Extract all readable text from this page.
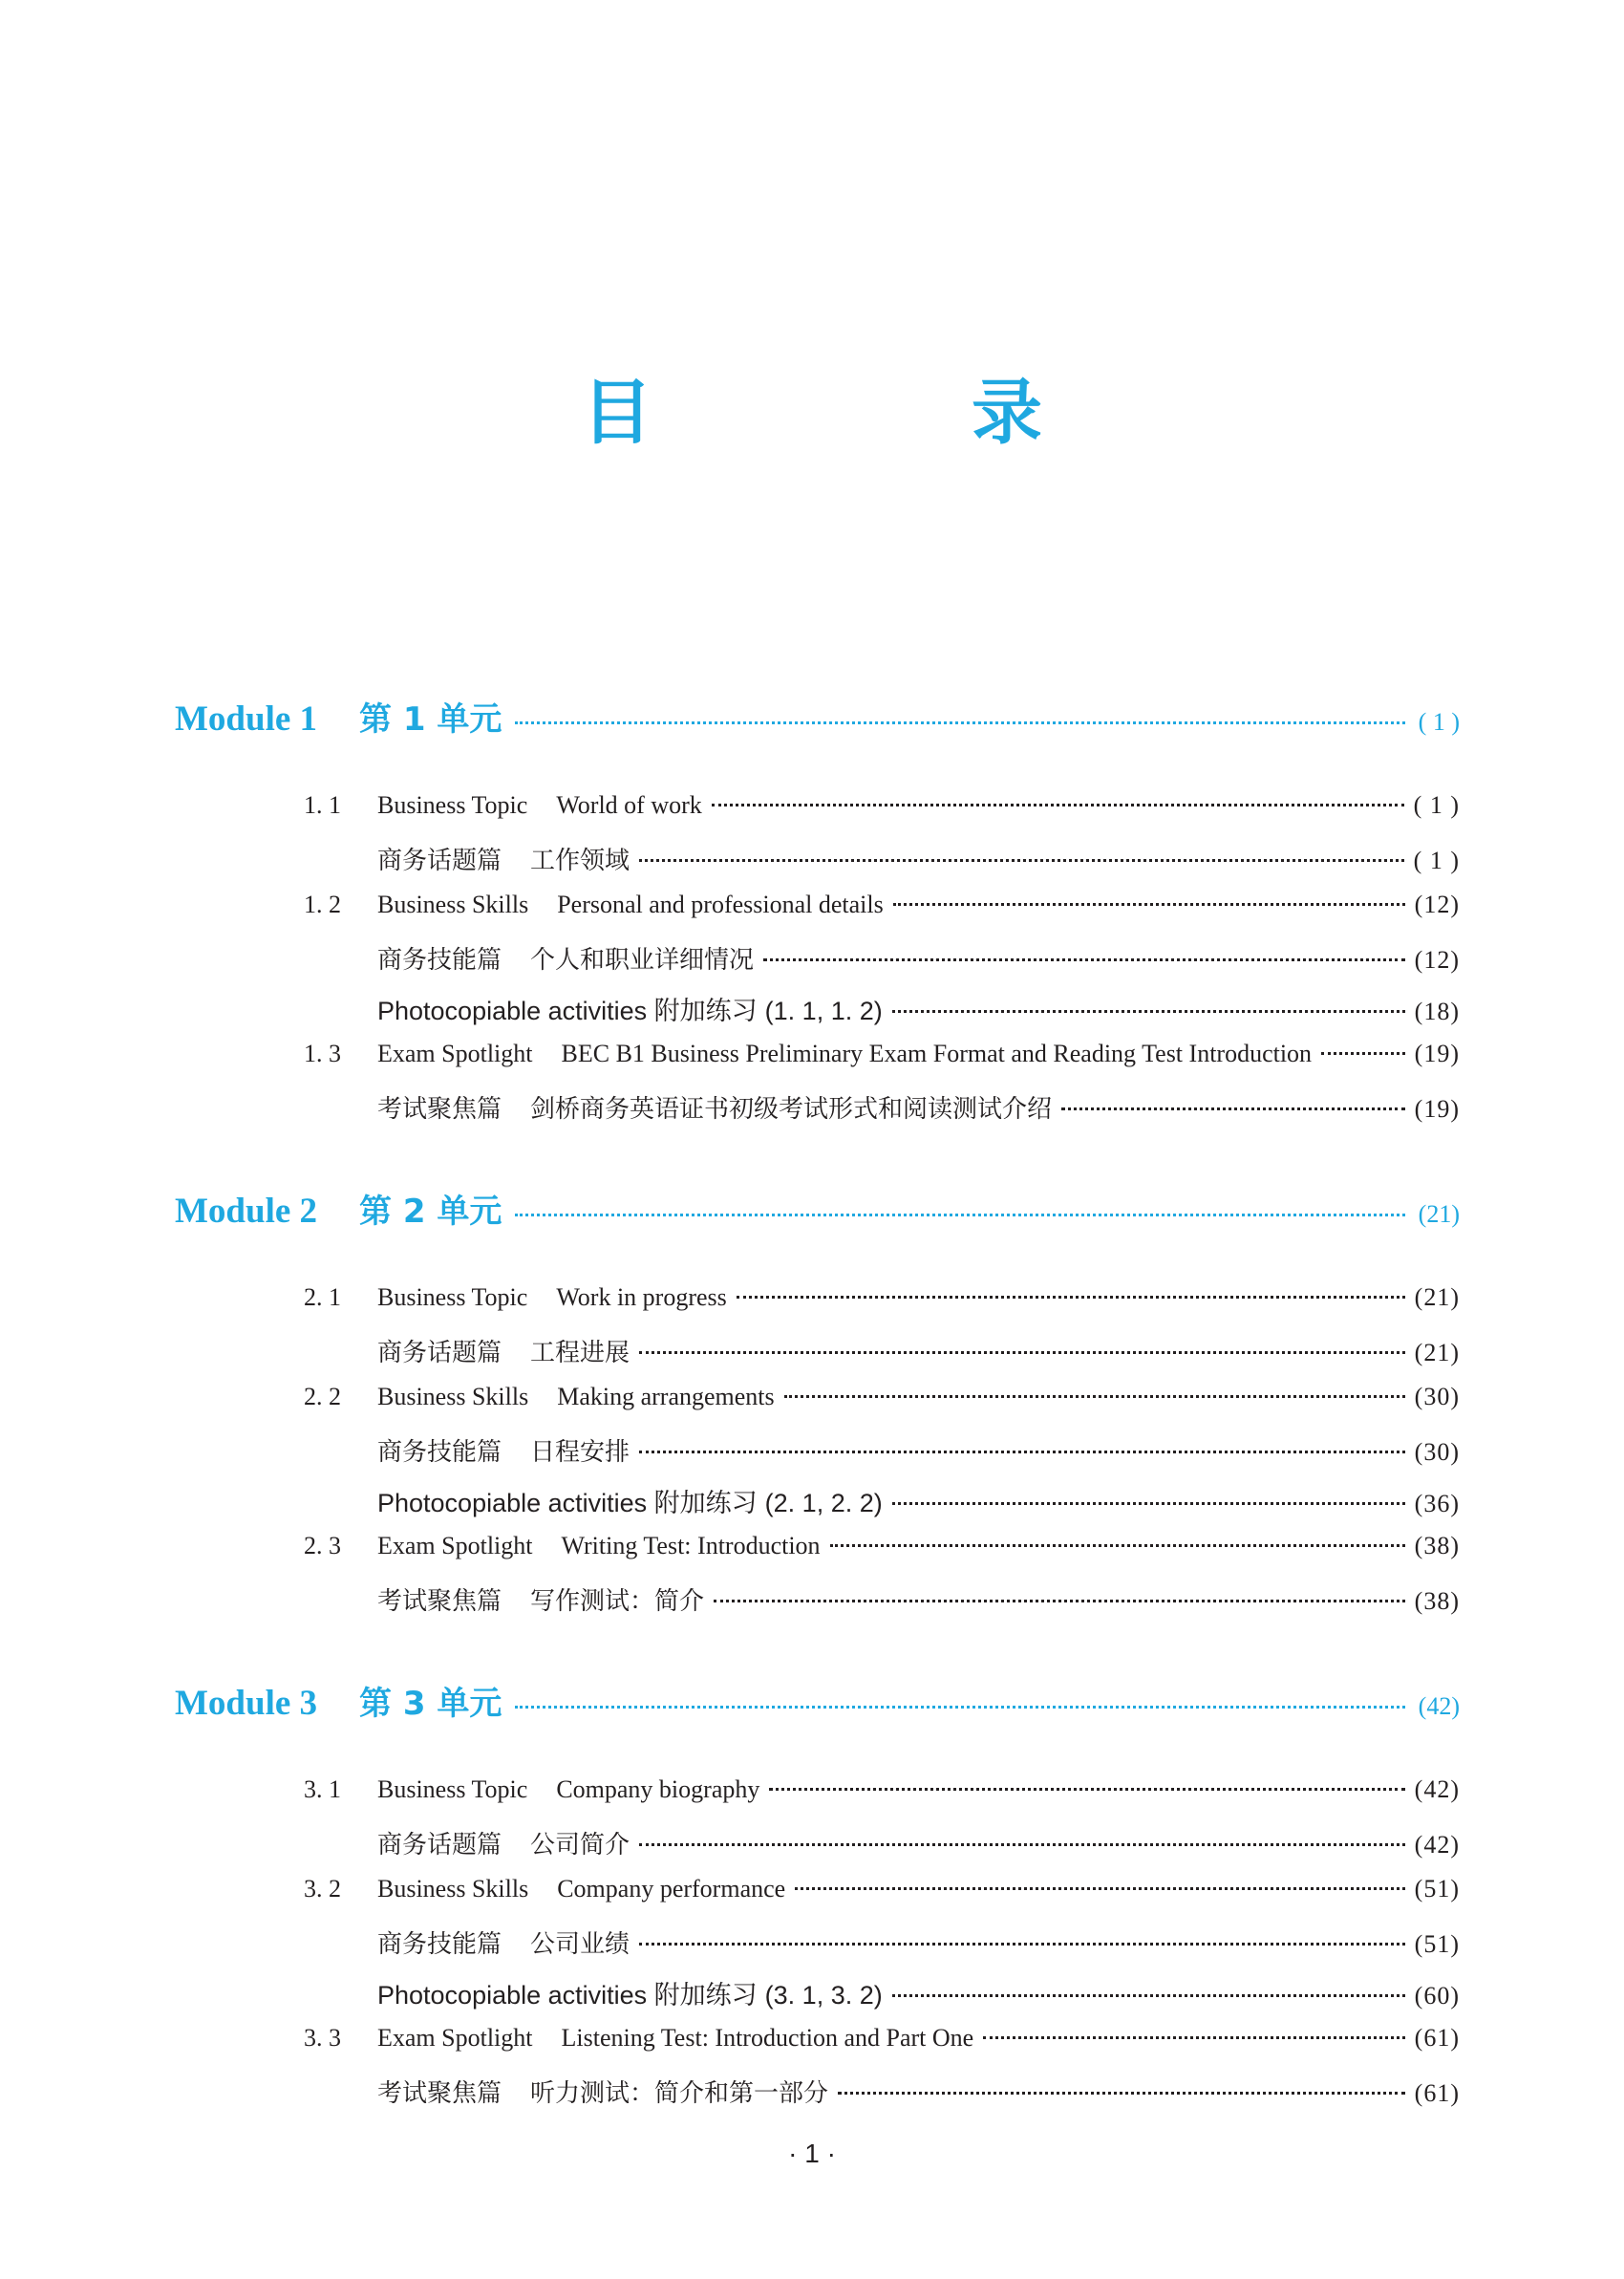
目　录
Module 1 第 1 单元	( 1 )
1. 1	Business Topic World of work	( 1 )
商务话题篇 工作领域	( 1 )
1. 2	Business Skills Personal and professional details	(12)
商务技能篇 个人和职业详细情况	(12)
Photocopiable activities 附加练习 (1. 1, 1. 2)	(18)
1. 3	Exam Spotlight BEC B1 Business Preliminary Exam Format and Reading Test Introduction	(19)
考试聚焦篇 剑桥商务英语证书初级考试形式和阅读测试介绍	(19)
Module 2 第 2 单元	(21)
2. 1	Business Topic Work in progress	(21)
商务话题篇 工程进展	(21)
2. 2	Business Skills Making arrangements	(30)
商务技能篇 日程安排	(30)
Photocopiable activities 附加练习 (2. 1, 2. 2)	(36)
2. 3	Exam Spotlight Writing Test: Introduction	(38)
考试聚焦篇 写作测试：简介	(38)
Module 3 第 3 单元	(42)
3. 1	Business Topic Company biography	(42)
商务话题篇 公司简介	(42)
3. 2	Business Skills Company performance	(51)
商务技能篇 公司业绩	(51)
Photocopiable activities 附加练习 (3. 1, 3. 2)	(60)
3. 3	Exam Spotlight Listening Test: Introduction and Part One	(61)
考试聚焦篇 听力测试：简介和第一部分	(61)
· 1 ·
